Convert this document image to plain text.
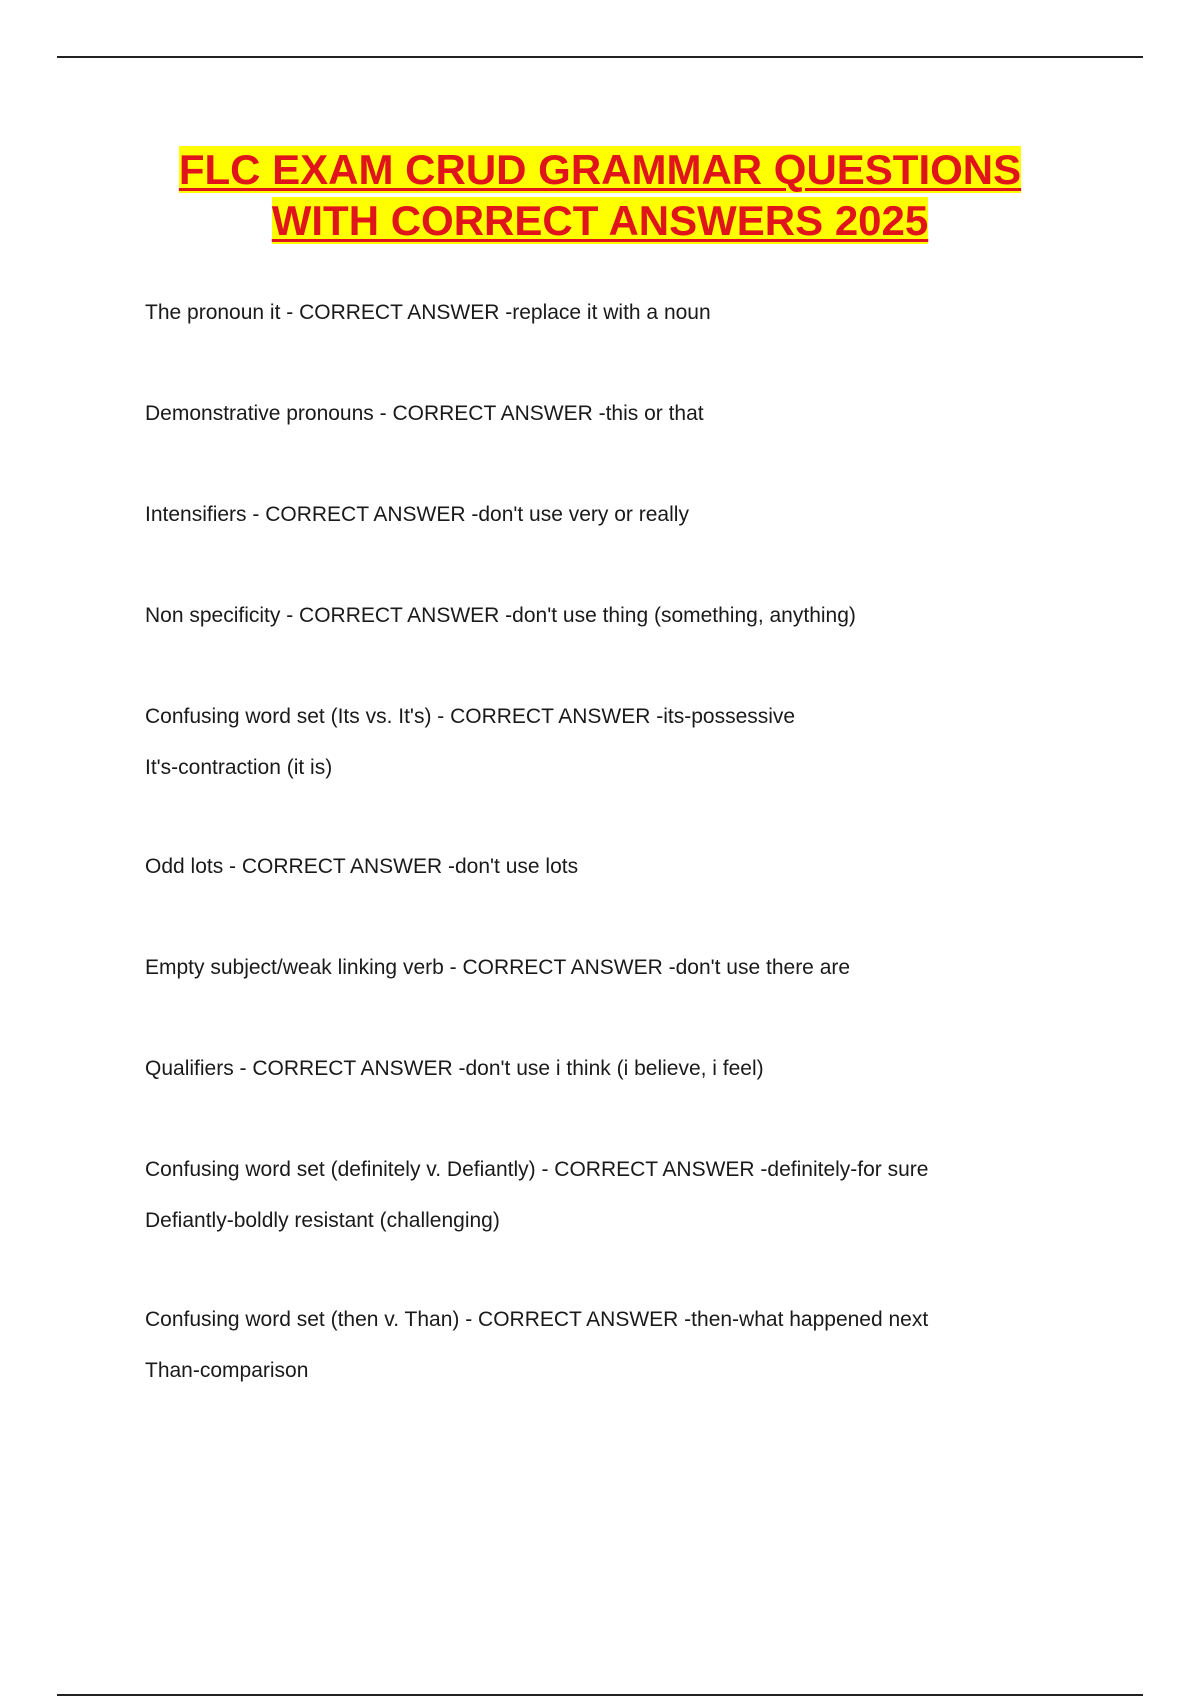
FLC EXAM CRUD GRAMMAR QUESTIONS
WITH CORRECT ANSWERS 2025
The pronoun it - CORRECT ANSWER -replace it with a noun
Demonstrative pronouns - CORRECT ANSWER -this or that
Intensifiers - CORRECT ANSWER -don't use very or really
Non specificity - CORRECT ANSWER -don't use thing (something, anything)
Confusing word set (Its vs. It's) - CORRECT ANSWER -its-possessive
It's-contraction (it is)
Odd lots - CORRECT ANSWER -don't use lots
Empty subject/weak linking verb - CORRECT ANSWER -don't use there are
Qualifiers - CORRECT ANSWER -don't use i think (i believe, i feel)
Confusing word set (definitely v. Defiantly) - CORRECT ANSWER -definitely-for sure
Defiantly-boldly resistant (challenging)
Confusing word set (then v. Than) - CORRECT ANSWER -then-what happened next
Than-comparison
